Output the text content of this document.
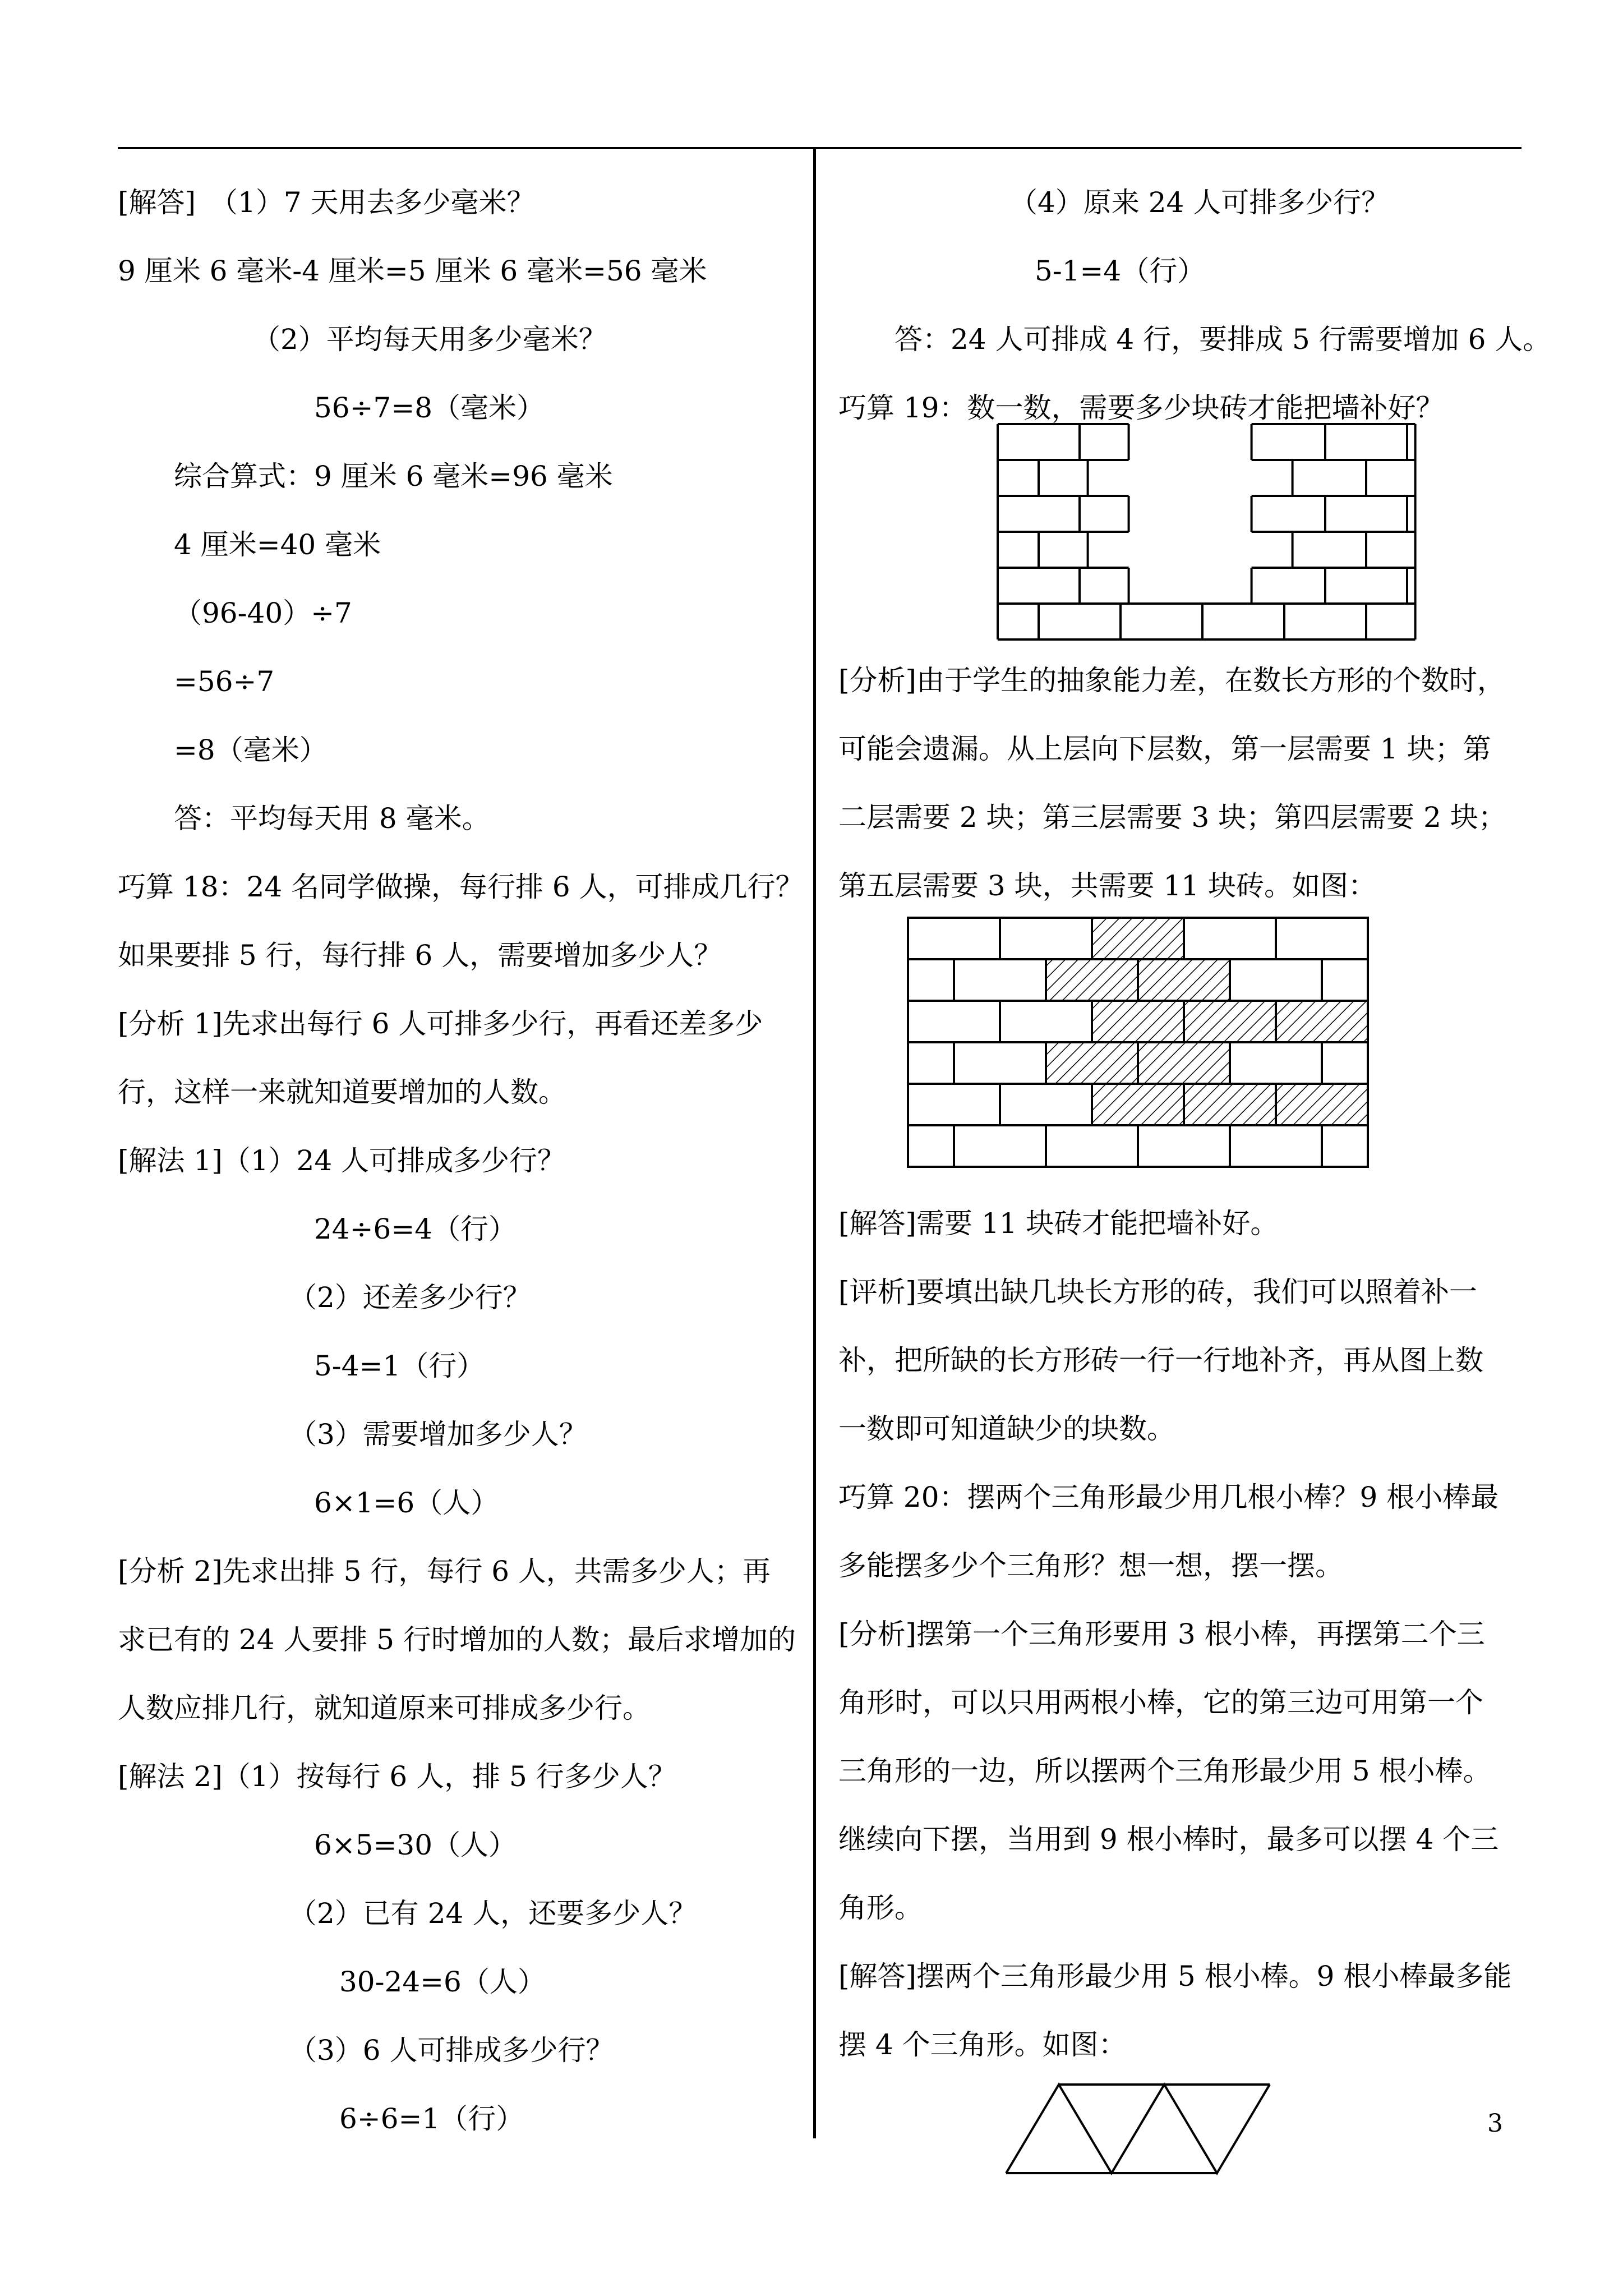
[解答]　（1）7 天用去多少毫米？
9 厘米 6 毫米-4 厘米=5 厘米 6 毫米=56 毫米
（2）平均每天用多少毫米？
56÷7=8（毫米）
综合算式：9 厘米 6 毫米=96 毫米
4 厘米=40 毫米
（96-40）÷7
=56÷7
=8（毫米）
答：平均每天用 8 毫米。
巧算 18：24 名同学做操，每行排 6 人，可排成几行？
如果要排 5 行，每行排 6 人，需要增加多少人？
[分析 1]先求出每行 6 人可排多少行，再看还差多少
行，这样一来就知道要增加的人数。
[解法 1]（1）24 人可排成多少行？
24÷6=4（行）
（2）还差多少行？
5-4=1（行）
（3）需要增加多少人？
6×1=6（人）
[分析 2]先求出排 5 行，每行 6 人，共需多少人；再
求已有的 24 人要排 5 行时增加的人数；最后求增加的
人数应排几行，就知道原来可排成多少行。
[解法 2]（1）按每行 6 人，排 5 行多少人？
6×5=30（人）
（2）已有 24 人，还要多少人？
30-24=6（人）
（3）6 人可排成多少行？
6÷6=1（行）
（4）原来 24 人可排多少行？
5-1=4（行）
答：24 人可排成 4 行，要排成 5 行需要增加 6 人。
巧算 19：数一数，需要多少块砖才能把墙补好？
[分析]由于学生的抽象能力差，在数长方形的个数时，
可能会遗漏。从上层向下层数，第一层需要 1 块；第
二层需要 2 块；第三层需要 3 块；第四层需要 2 块；
第五层需要 3 块，共需要 11 块砖。如图：
[解答]需要 11 块砖才能把墙补好。
[评析]要填出缺几块长方形的砖，我们可以照着补一
补，把所缺的长方形砖一行一行地补齐，再从图上数
一数即可知道缺少的块数。
巧算 20：摆两个三角形最少用几根小棒？9 根小棒最
多能摆多少个三角形？想一想，摆一摆。
[分析]摆第一个三角形要用 3 根小棒，再摆第二个三
角形时，可以只用两根小棒，它的第三边可用第一个
三角形的一边，所以摆两个三角形最少用 5 根小棒。
继续向下摆，当用到 9 根小棒时，最多可以摆 4 个三
角形。
[解答]摆两个三角形最少用 5 根小棒。9 根小棒最多能
摆 4 个三角形。如图：
3
